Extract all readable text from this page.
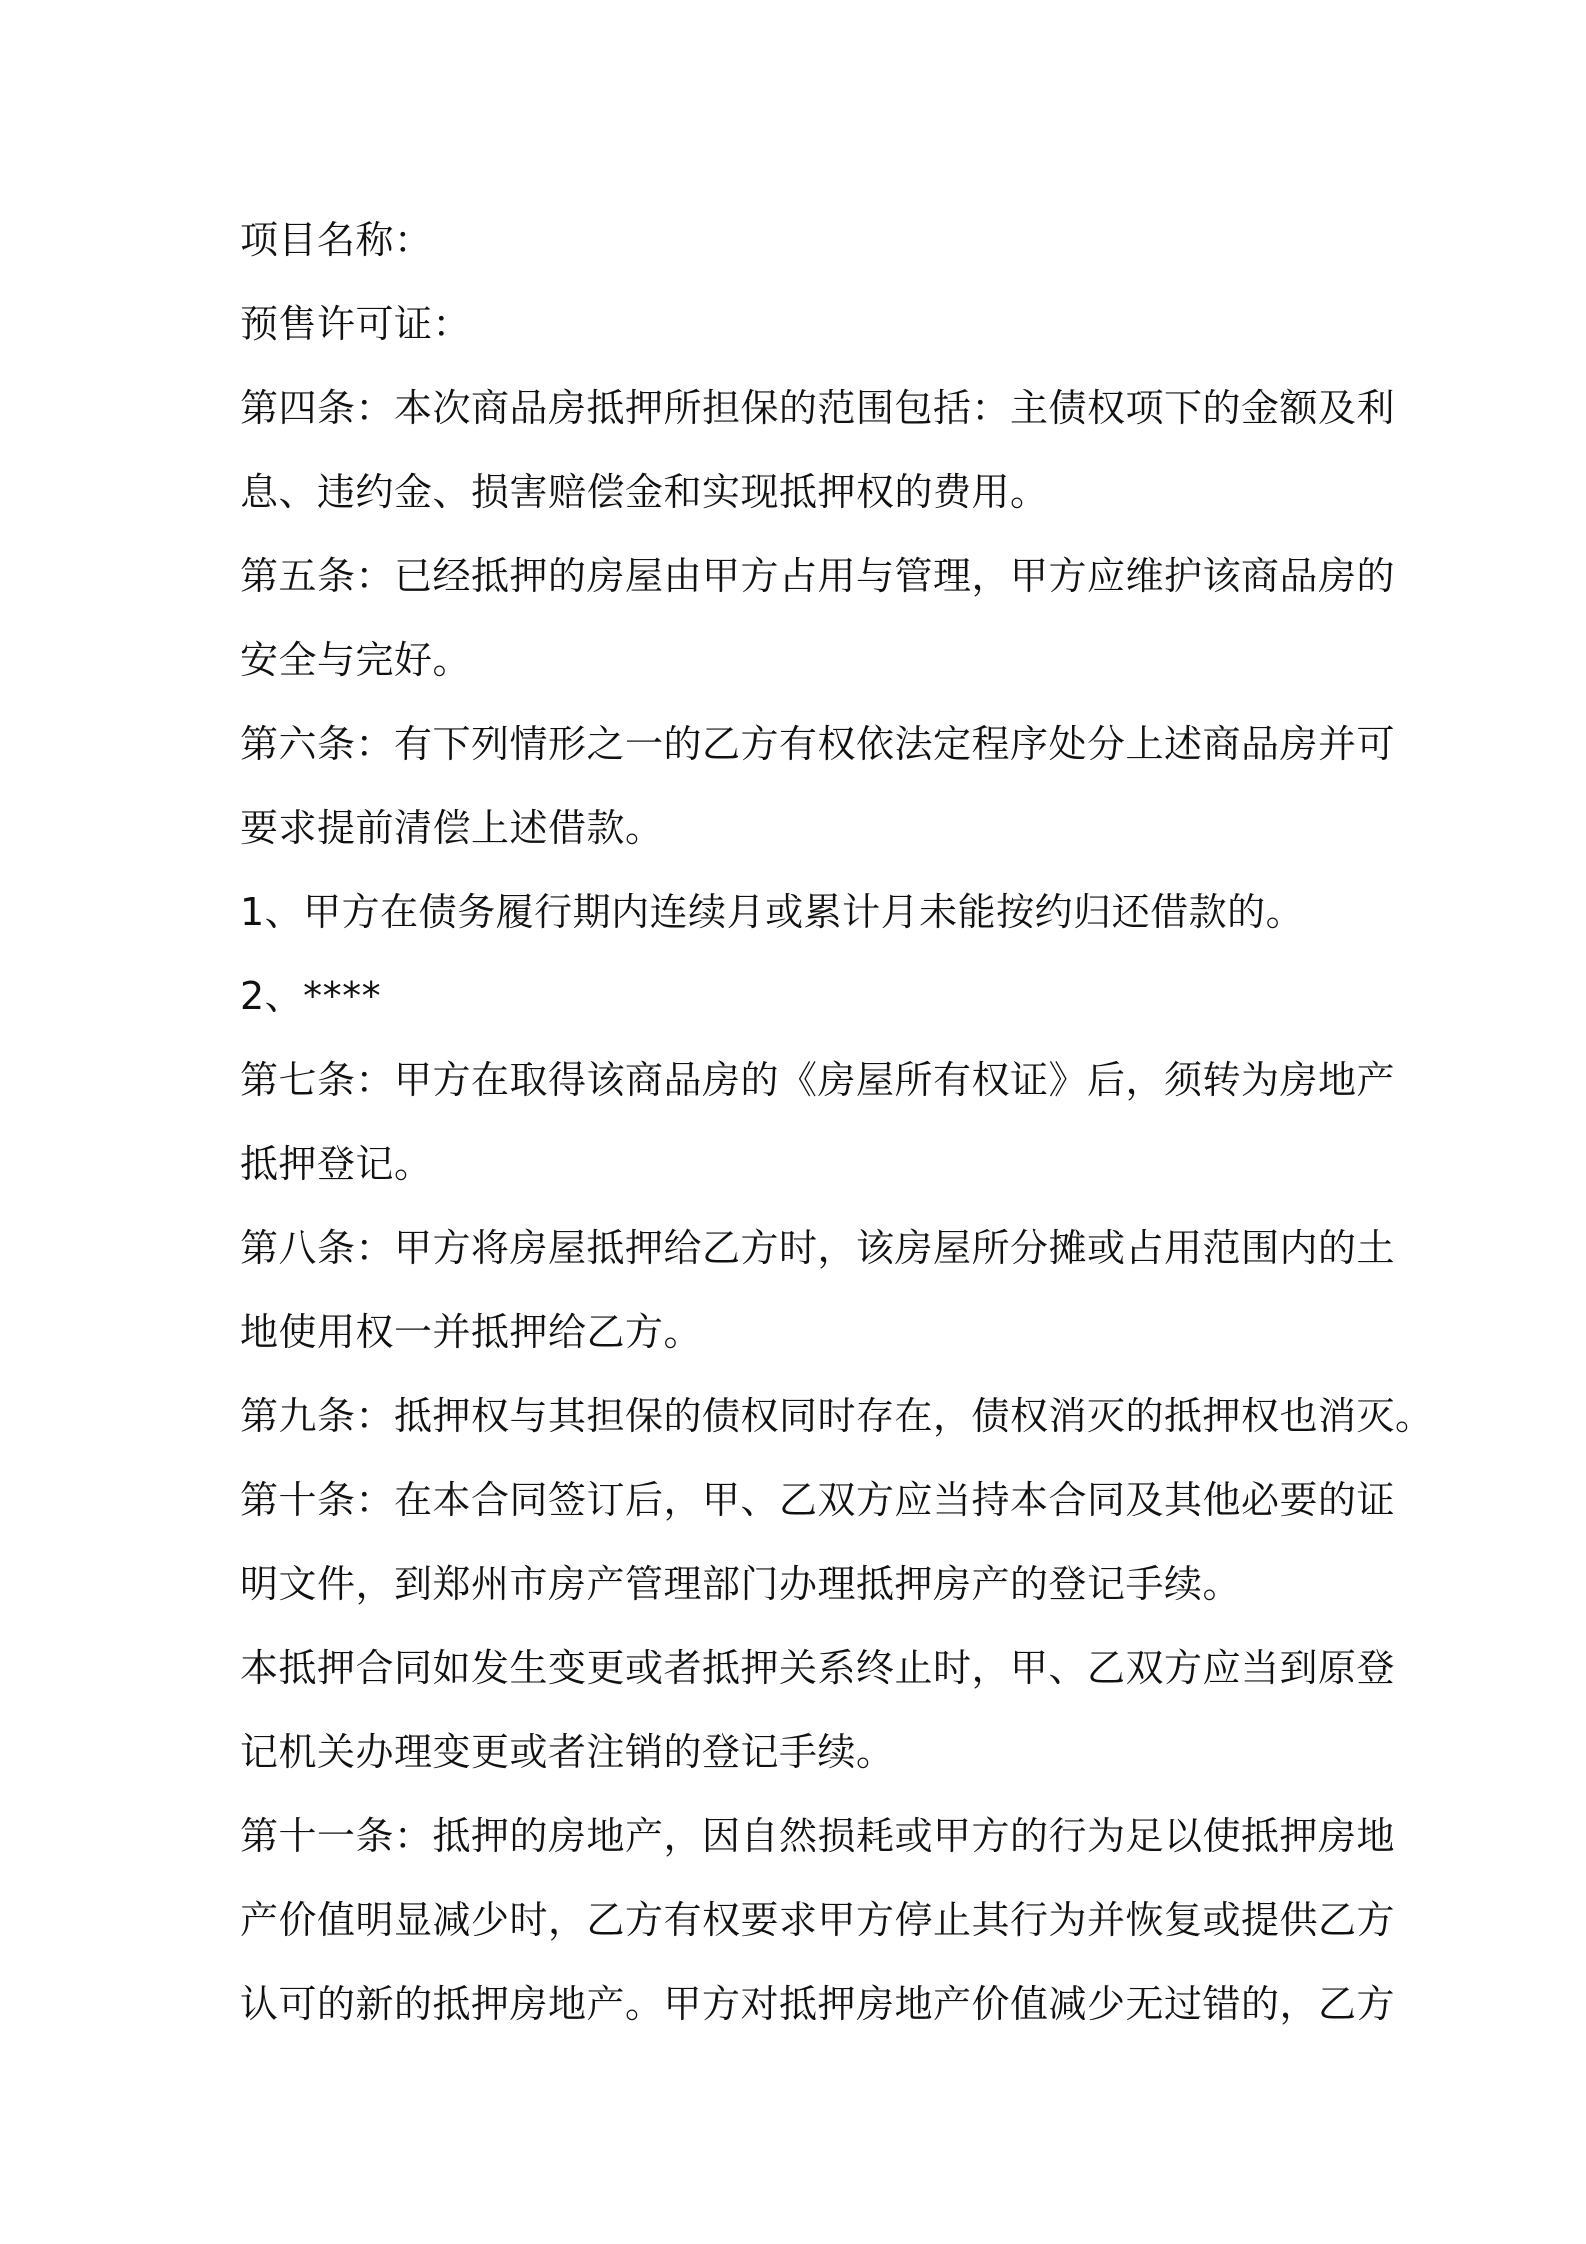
项目名称：
预售许可证：
第四条：本次商品房抵押所担保的范围包括：主债权项下的金额及利
息、违约金、损害赔偿金和实现抵押权的费用。
第五条：已经抵押的房屋由甲方占用与管理，甲方应维护该商品房的
安全与完好。
第六条：有下列情形之一的乙方有权依法定程序处分上述商品房并可
要求提前清偿上述借款。
1、甲方在债务履行期内连续月或累计月未能按约归还借款的。
2、****
第七条：甲方在取得该商品房的《房屋所有权证》后，须转为房地产
抵押登记。
第八条：甲方将房屋抵押给乙方时，该房屋所分摊或占用范围内的土
地使用权一并抵押给乙方。
第九条：抵押权与其担保的债权同时存在，债权消灭的抵押权也消灭。
第十条：在本合同签订后，甲、乙双方应当持本合同及其他必要的证
明文件，到郑州市房产管理部门办理抵押房产的登记手续。
本抵押合同如发生变更或者抵押关系终止时，甲、乙双方应当到原登
记机关办理变更或者注销的登记手续。
第十一条：抵押的房地产，因自然损耗或甲方的行为足以使抵押房地
产价值明显减少时，乙方有权要求甲方停止其行为并恢复或提供乙方
认可的新的抵押房地产。甲方对抵押房地产价值减少无过错的，乙方
